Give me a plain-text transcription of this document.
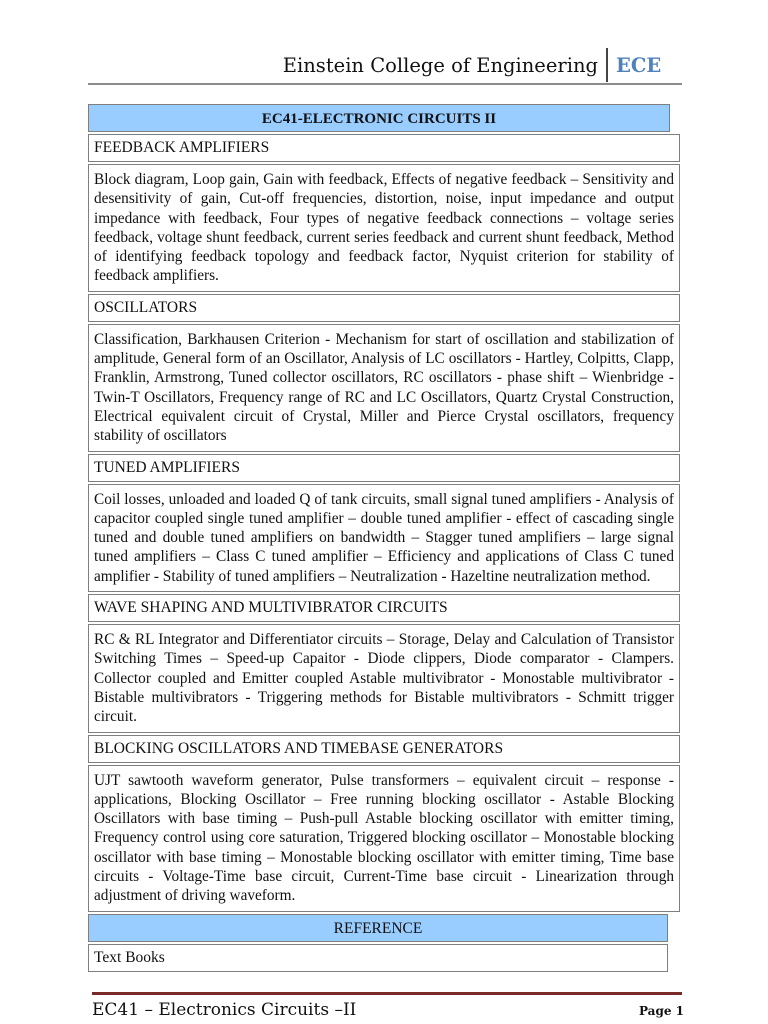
Einstein College of Engineering ECE
EC41-ELECTRONIC CIRCUITS II
FEEDBACK AMPLIFIERS
Block diagram, Loop gain, Gain with feedback, Effects of negative feedback – Sensitivity and desensitivity of gain, Cut-off frequencies, distortion, noise, input impedance and output impedance with feedback, Four types of negative feedback connections – voltage series feedback, voltage shunt feedback, current series feedback and current shunt feedback, Method of identifying feedback topology and feedback factor, Nyquist criterion for stability of feedback amplifiers.
OSCILLATORS
Classification, Barkhausen Criterion - Mechanism for start of oscillation and stabilization of amplitude, General form of an Oscillator, Analysis of LC oscillators - Hartley, Colpitts, Clapp, Franklin, Armstrong, Tuned collector oscillators, RC oscillators - phase shift – Wienbridge - Twin-T Oscillators, Frequency range of RC and LC Oscillators, Quartz Crystal Construction, Electrical equivalent circuit of Crystal, Miller and Pierce Crystal oscillators, frequency stability of oscillators
TUNED AMPLIFIERS
Coil losses, unloaded and loaded Q of tank circuits, small signal tuned amplifiers - Analysis of capacitor coupled single tuned amplifier – double tuned amplifier - effect of cascading single tuned and double tuned amplifiers on bandwidth – Stagger tuned amplifiers – large signal tuned amplifiers – Class C tuned amplifier – Efficiency and applications of Class C tuned amplifier - Stability of tuned amplifiers – Neutralization - Hazeltine neutralization method.
WAVE SHAPING AND MULTIVIBRATOR CIRCUITS
RC & RL Integrator and Differentiator circuits – Storage, Delay and Calculation of Transistor Switching Times – Speed-up Capaitor - Diode clippers, Diode comparator - Clampers. Collector coupled and Emitter coupled Astable multivibrator - Monostable multivibrator - Bistable multivibrators - Triggering methods for Bistable multivibrators - Schmitt trigger circuit.
BLOCKING OSCILLATORS AND TIMEBASE GENERATORS
UJT sawtooth waveform generator, Pulse transformers – equivalent circuit – response - applications, Blocking Oscillator – Free running blocking oscillator - Astable Blocking Oscillators with base timing – Push-pull Astable blocking oscillator with emitter timing, Frequency control using core saturation, Triggered blocking oscillator – Monostable blocking oscillator with base timing – Monostable blocking oscillator with emitter timing, Time base circuits - Voltage-Time base circuit, Current-Time base circuit - Linearization through adjustment of driving waveform.
REFERENCE
Text Books
EC41 – Electronics Circuits –II	Page 1
